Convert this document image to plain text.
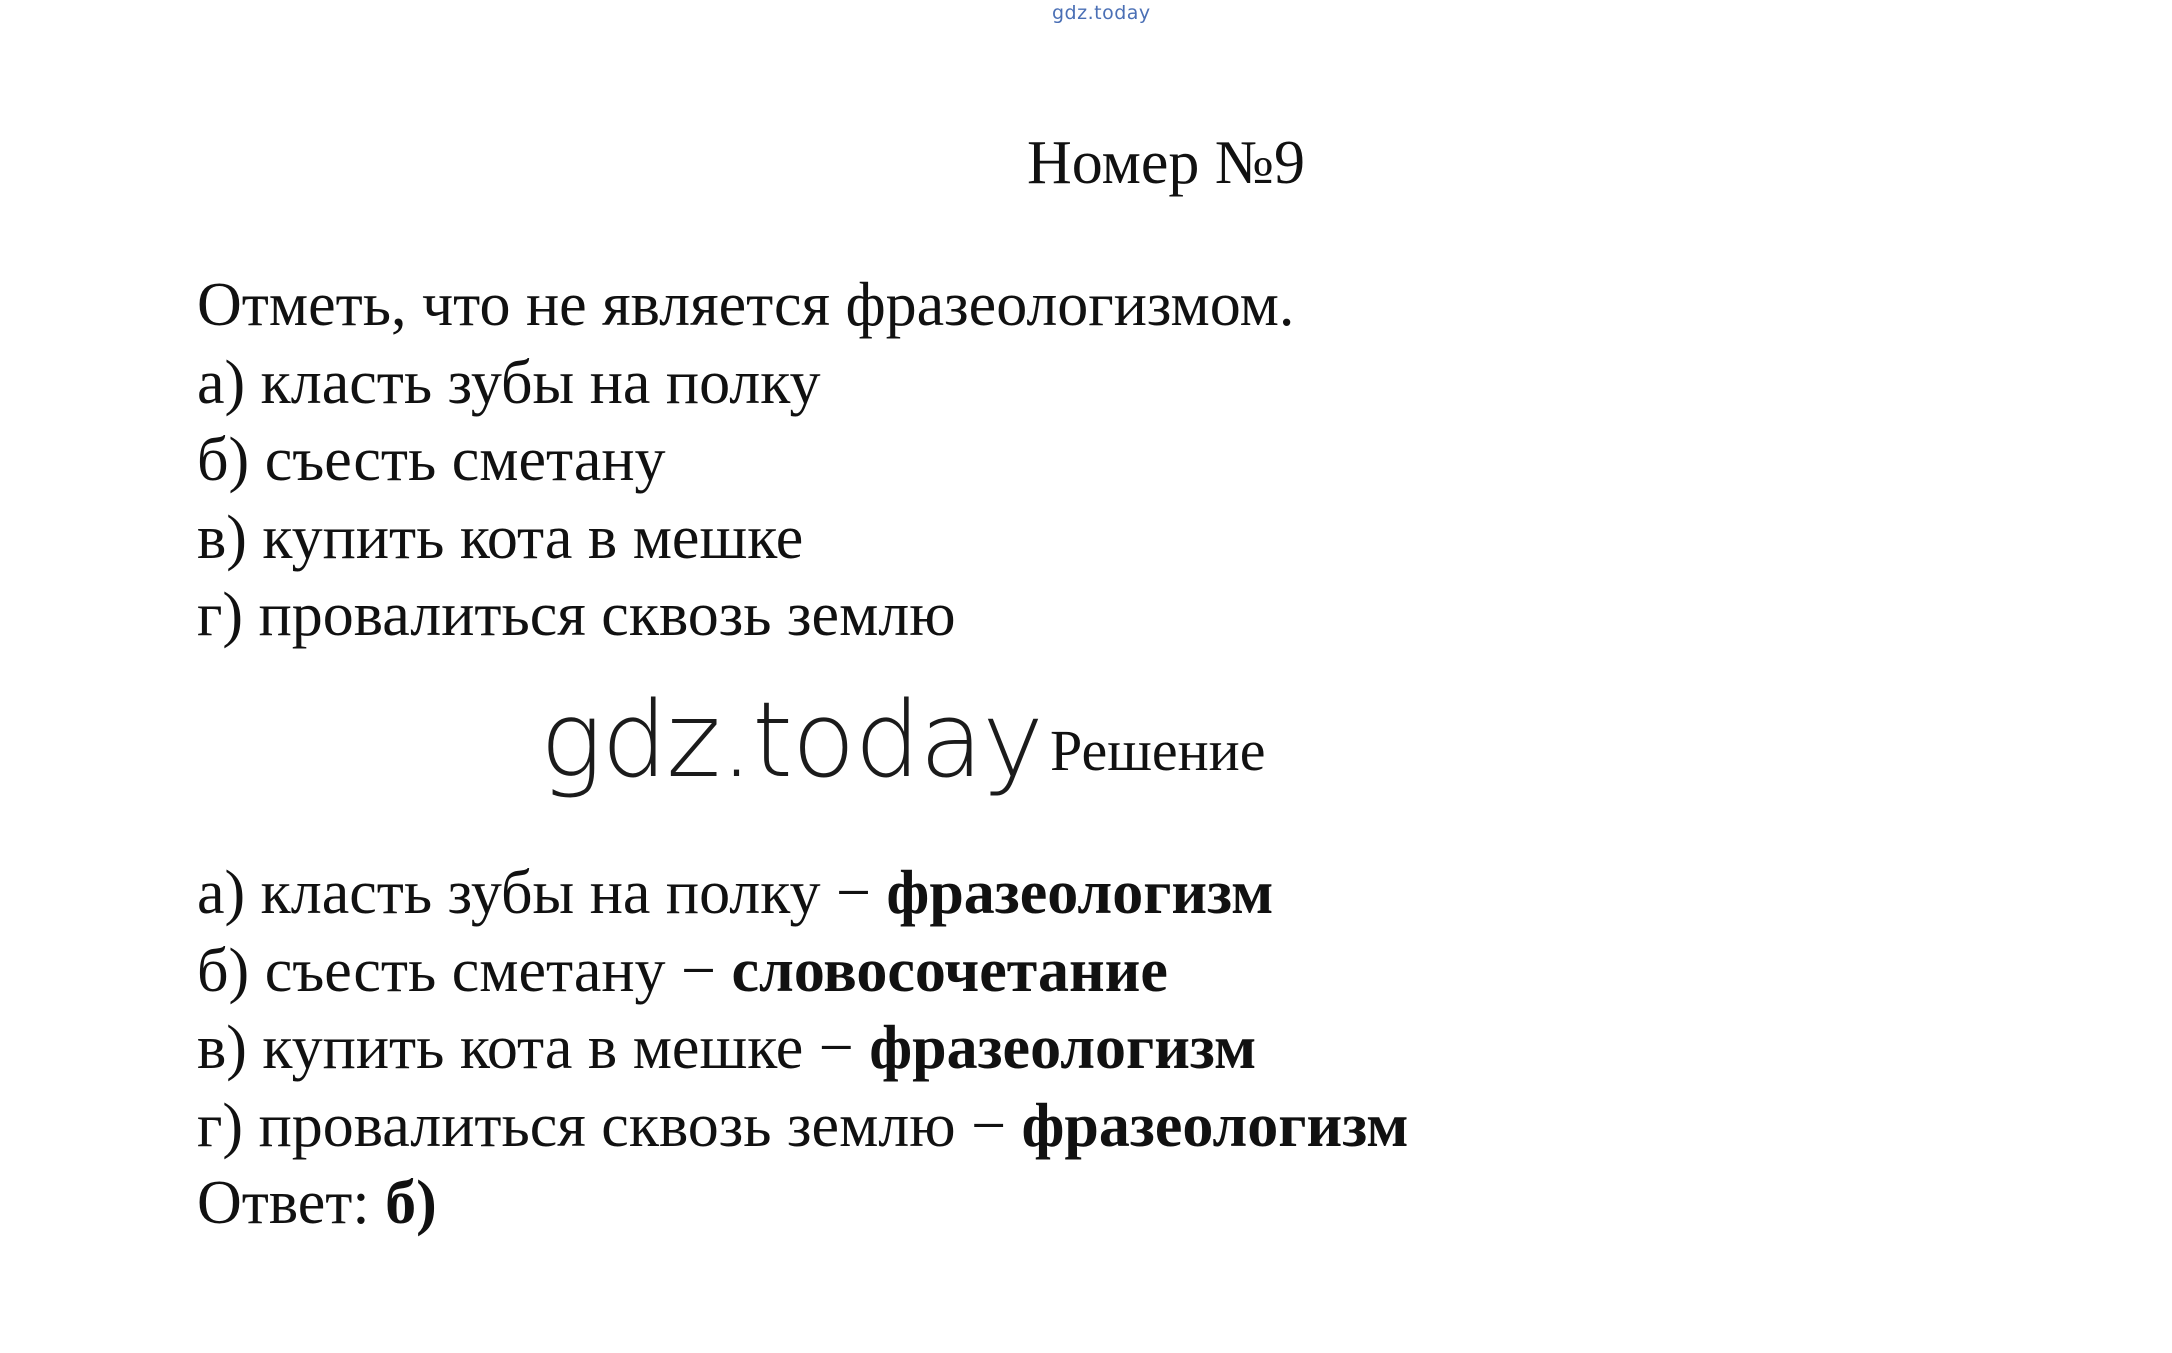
gdz.today
Номер №9
Отметь, что не является фразеологизмом.
а) класть зубы на полку
б) съесть сметану
в) купить кота в мешке
г) провалиться сквозь землю
gdz.today Решение
а) класть зубы на полку − фразеологизм
б) съесть сметану − словосочетание
в) купить кота в мешке − фразеологизм
г) провалиться сквозь землю − фразеологизм
Ответ: б)
